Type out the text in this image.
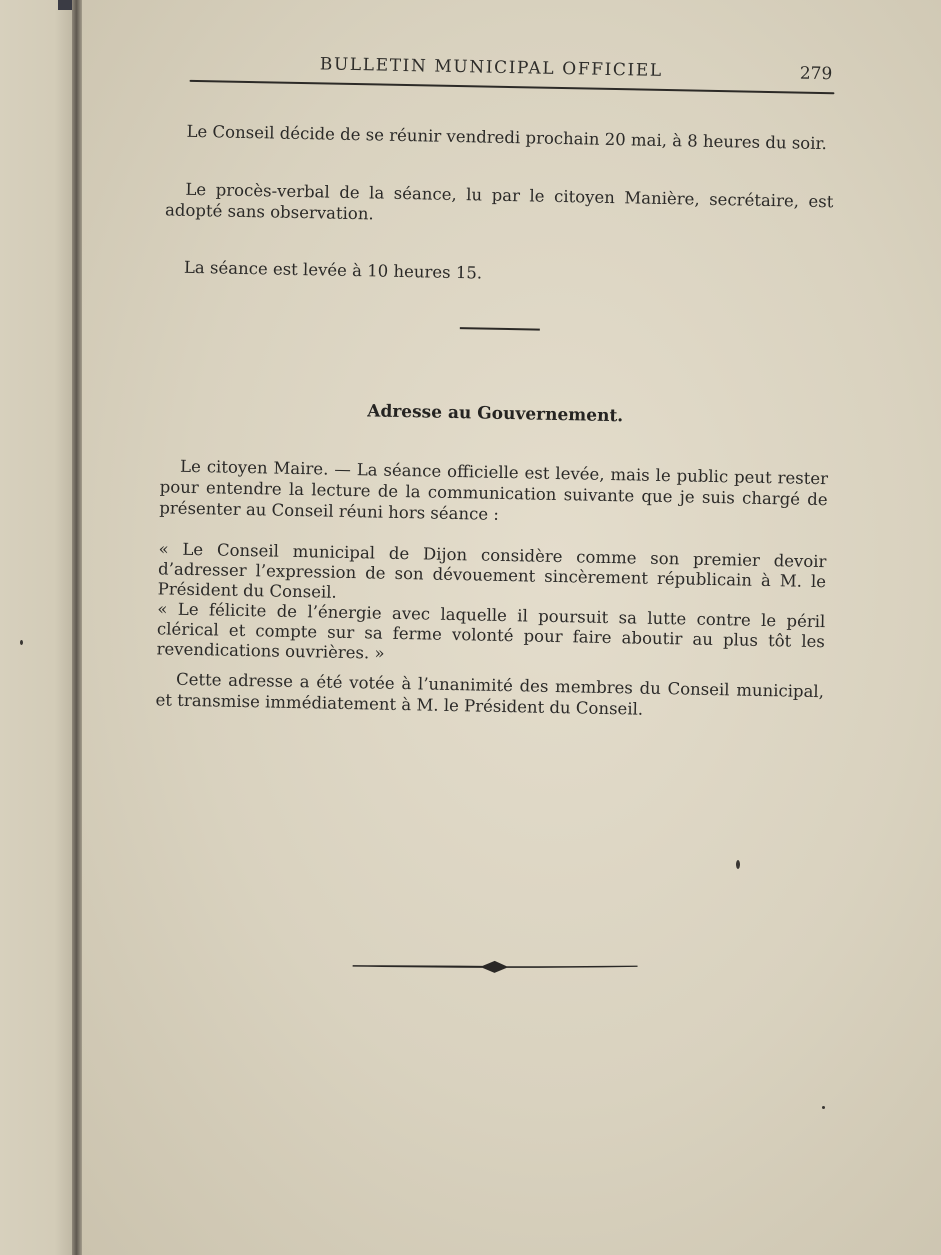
BULLETIN MUNICIPAL OFFICIEL	279

Le Conseil décide de se réunir vendredi prochain 20 mai, à 8 heures du soir.

Le procès-verbal de la séance, lu par le citoyen Manière, secrétaire, est adopté sans observation.

La séance est levée à 10 heures 15.

Adresse au Gouvernement.

Le citoyen Maire. — La séance officielle est levée, mais le public peut rester pour entendre la lecture de la communication suivante que je suis chargé de présenter au Conseil réuni hors séance :

« Le Conseil municipal de Dijon considère comme son premier devoir d’adresser l’expression de son dévouement sincèrement républicain à M. le Président du Conseil.

« Le félicite de l’énergie avec laquelle il poursuit sa lutte contre le péril clérical et compte sur sa ferme volonté pour faire aboutir au plus tôt les revendications ouvrières. »

Cette adresse a été votée à l’unanimité des membres du Conseil municipal, et transmise immédiatement à M. le Président du Conseil.
